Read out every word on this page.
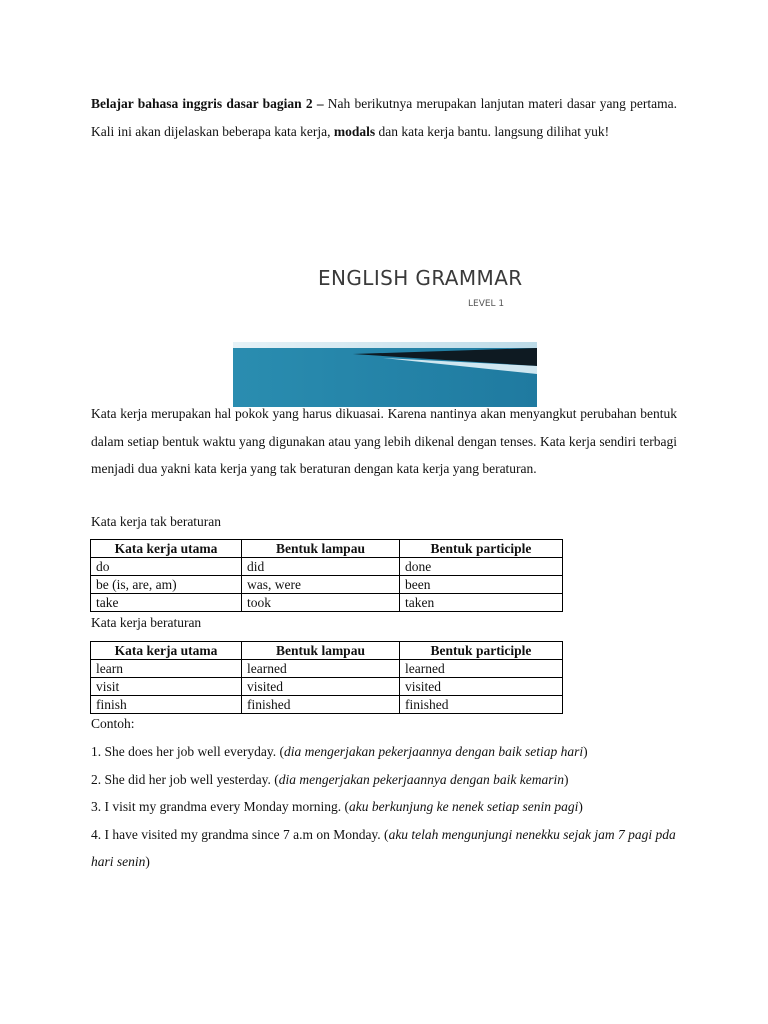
Belajar bahasa inggris dasar bagian 2 – Nah berikutnya merupakan lanjutan materi dasar yang pertama. Kali ini akan dijelaskan beberapa kata kerja, modals dan kata kerja bantu. langsung dilihat yuk!
ENGLISH GRAMMAR
LEVEL 1
Kata kerja merupakan hal pokok yang harus dikuasai. Karena nantinya akan menyangkut perubahan bentuk dalam setiap bentuk waktu yang digunakan atau yang lebih dikenal dengan tenses. Kata kerja sendiri terbagi menjadi dua yakni kata kerja yang tak beraturan dengan kata kerja yang beraturan.
Kata kerja tak beraturan
Kata kerja utama	Bentuk lampau	Bentuk participle
do	did	done
be (is, are, am)	was, were	been
take	took	taken
Kata kerja beraturan
Kata kerja utama	Bentuk lampau	Bentuk participle
learn	learned	learned
visit	visited	visited
finish	finished	finished
Contoh:
1. She does her job well everyday. (dia mengerjakan pekerjaannya dengan baik setiap hari)
2. She did her job well yesterday. (dia mengerjakan pekerjaannya dengan baik kemarin)
3. I visit my grandma every Monday morning. (aku berkunjung ke nenek setiap senin pagi)
4. I have visited my grandma since 7 a.m on Monday. (aku telah mengunjungi nenekku sejak jam 7 pagi pda hari senin)
